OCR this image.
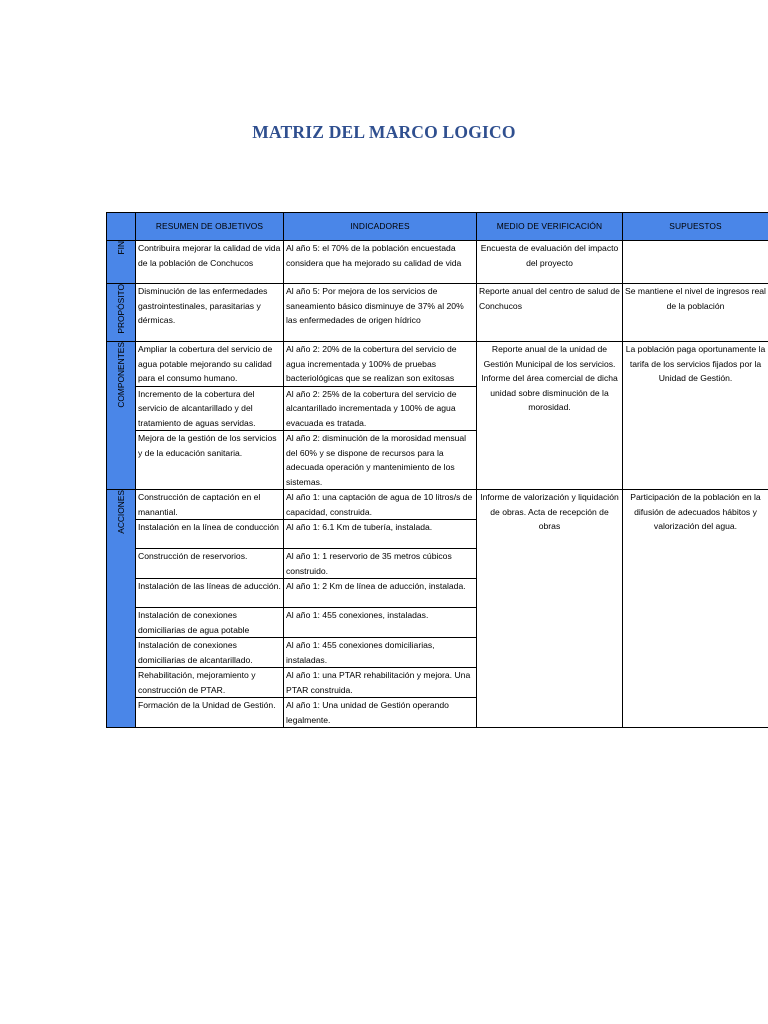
MATRIZ DEL MARCO LOGICO
	RESUMEN DE OBJETIVOS	INDICADORES	MEDIO DE VERIFICACIÓN	SUPUESTOS
FIN	Contribuira mejorar la calidad de vida de la población de Conchucos	Al año 5: el 70% de la población encuestada considera que ha mejorado su calidad de vida	Encuesta de evaluación del impacto del proyecto	
PROPÓSITO	Disminución de las enfermedades gastrointestinales, parasitarias y dérmicas.	Al año 5: Por mejora de los servicios de saneamiento básico disminuye de 37% al 20% las enfermedades de origen hídrico	Reporte anual del centro de salud de Conchucos	Se mantiene el nivel de ingresos real de la población
COMPONENTES	Ampliar la cobertura del servicio de agua potable mejorando su calidad para el consumo humano.	Al año 2: 20% de la cobertura del servicio de agua incrementada y 100% de pruebas bacteriológicas que se realizan son exitosas	Reporte anual de la unidad de Gestión Municipal de los servicios. Informe del área comercial de dicha unidad sobre disminución de la morosidad.	La población paga oportunamente la tarifa de los servicios fijados por la Unidad de Gestión.
	Incremento de la cobertura del servicio de alcantarillado y del tratamiento de aguas servidas.	Al año 2: 25% de la cobertura del servicio de alcantarillado incrementada y 100% de agua evacuada es tratada.		
	Mejora de la gestión de los servicios y de la educación sanitaria.	Al año 2: disminución de la morosidad mensual del 60% y se dispone de recursos para la adecuada operación y mantenimiento de los sistemas.		
ACCIONES	Construcción de captación en el manantial.	Al año 1: una captación de agua de 10 litros/s de capacidad, construida.	Informe de valorización y liquidación de obras. Acta de recepción de obras	Participación de la población en la difusión de adecuados hábitos y valorización del agua.
	Instalación en la línea de conducción	Al año 1: 6.1 Km de tubería, instalada.		
	Construcción de reservorios.	Al año 1: 1 reservorio de 35 metros cúbicos construido.		
	Instalación de las líneas de aducción.	Al año 1: 2 Km de línea de aducción, instalada.		
	Instalación de conexiones domiciliarias de agua potable	Al año 1: 455 conexiones, instaladas.		
	Instalación de conexiones domiciliarias de alcantarillado.	Al año 1: 455 conexiones domiciliarias, instaladas.		
	Rehabilitación, mejoramiento y construcción de PTAR.	Al año 1: una PTAR rehabilitación y mejora. Una PTAR construida.		
	Formación de la Unidad de Gestión.	Al año 1: Una unidad de Gestión operando legalmente.		
